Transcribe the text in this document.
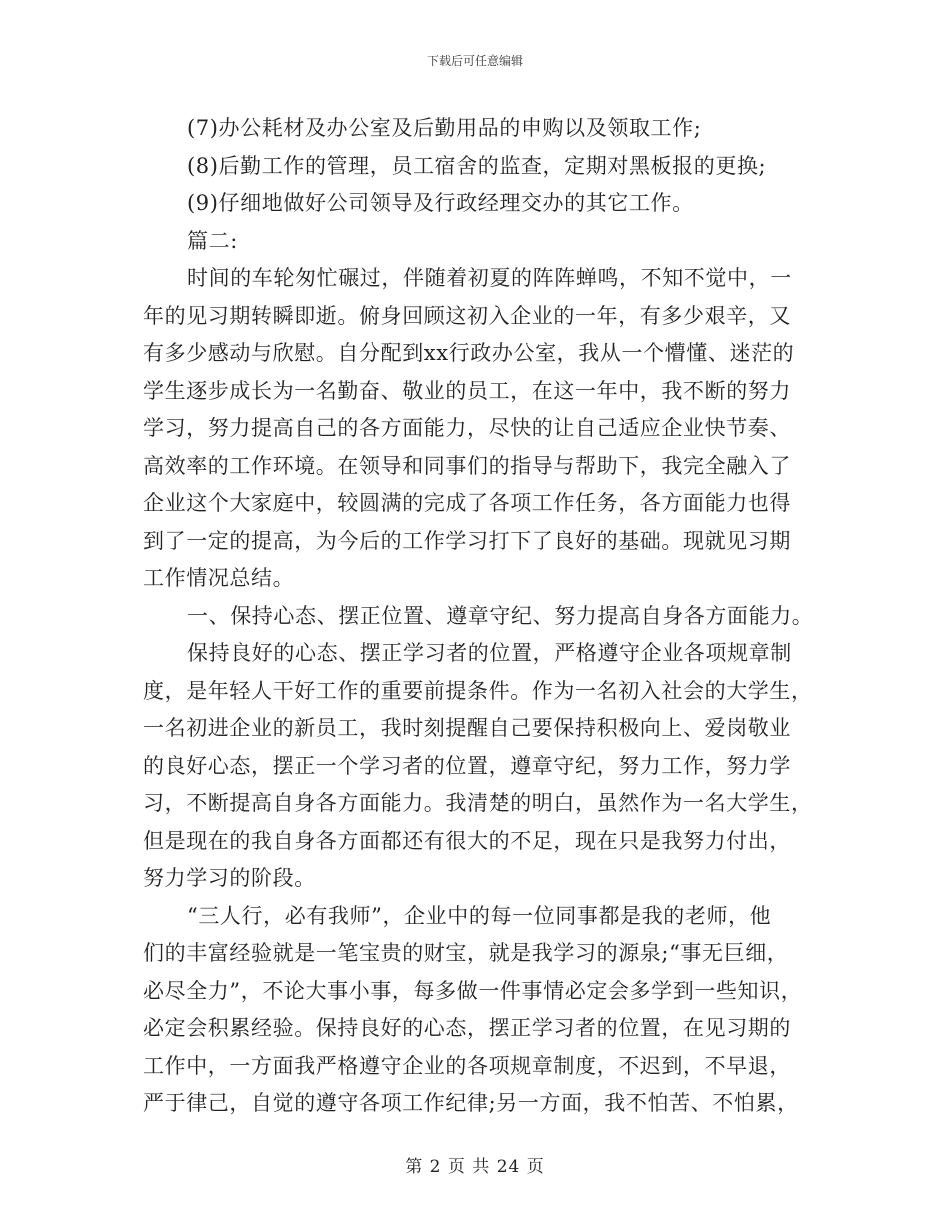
下载后可任意编辑
(7)办公耗材及办公室及后勤用品的申购以及领取工作;
(8)后勤工作的管理，员工宿舍的监查，定期对黑板报的更换;
(9)仔细地做好公司领导及行政经理交办的其它工作。
篇二:
时间的车轮匆忙碾过，伴随着初夏的阵阵蝉鸣，不知不觉中，一
年的见习期转瞬即逝。俯身回顾这初入企业的一年，有多少艰辛，又
有多少感动与欣慰。自分配到xx行政办公室，我从一个懵懂、迷茫的
学生逐步成长为一名勤奋、敬业的员工，在这一年中，我不断的努力
学习，努力提高自己的各方面能力，尽快的让自己适应企业快节奏、
高效率的工作环境。在领导和同事们的指导与帮助下，我完全融入了
企业这个大家庭中，较圆满的完成了各项工作任务，各方面能力也得
到了一定的提高，为今后的工作学习打下了良好的基础。现就见习期
工作情况总结。
一、保持心态、摆正位置、遵章守纪、努力提高自身各方面能力。
保持良好的心态、摆正学习者的位置，严格遵守企业各项规章制
度，是年轻人干好工作的重要前提条件。作为一名初入社会的大学生，
一名初进企业的新员工，我时刻提醒自己要保持积极向上、爱岗敬业
的良好心态，摆正一个学习者的位置，遵章守纪，努力工作，努力学
习，不断提高自身各方面能力。我清楚的明白，虽然作为一名大学生，
但是现在的我自身各方面都还有很大的不足，现在只是我努力付出，
努力学习的阶段。
“三人行，必有我师”，企业中的每一位同事都是我的老师，他
们的丰富经验就是一笔宝贵的财宝，就是我学习的源泉;“事无巨细，
必尽全力”，不论大事小事，每多做一件事情必定会多学到一些知识，
必定会积累经验。保持良好的心态，摆正学习者的位置，在见习期的
工作中，一方面我严格遵守企业的各项规章制度，不迟到，不早退，
严于律己，自觉的遵守各项工作纪律;另一方面，我不怕苦、不怕累，
第 2 页 共 24 页
